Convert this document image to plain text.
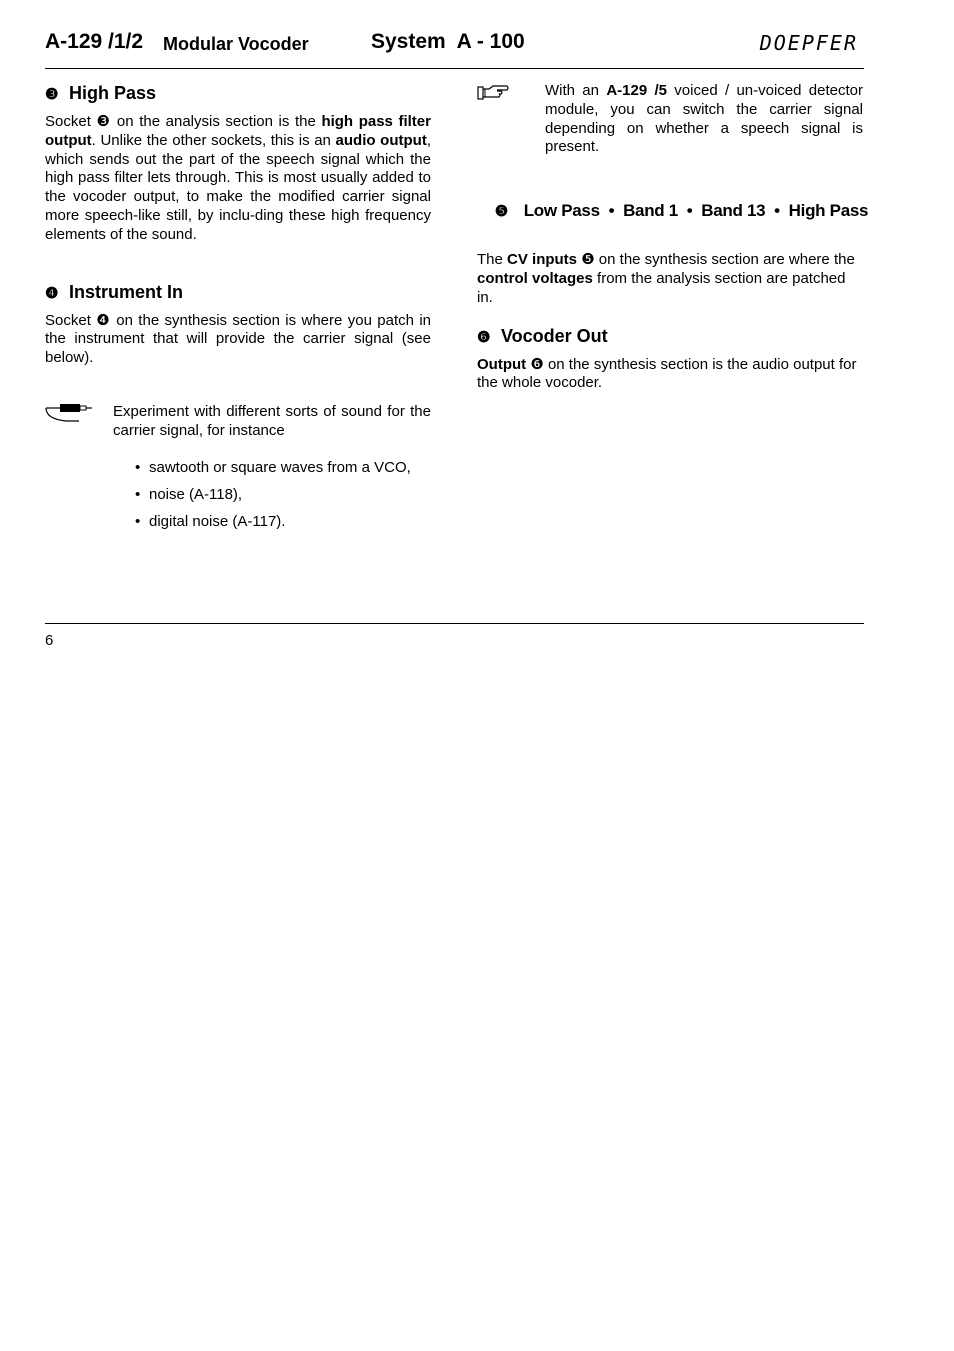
A-129 /1/2 Modular Vocoder	System  A - 100	DOEPFER
❸ High Pass

Socket ❸ on the analysis section is the high pass filter output. Unlike the other sockets, this is an audio output, which sends out the part of the speech signal which the high pass filter lets through. This is most usually added to the vocoder output, to make the modified carrier signal more speech-like still, by inclu-ding these high frequency elements of the sound.

❹ Instrument In

Socket ❹ on the synthesis section is where you patch in the instrument that will provide the carrier signal (see below).

Experiment with different sorts of sound for the carrier signal, for instance

• sawtooth or square waves from a VCO,
• noise (A-118),
• digital noise (A-117).

With an A-129 /5 voiced / un-voiced detector module, you can switch the carrier signal depending on whether a speech signal is present.

❺ Low Pass  •  Band 1  •  Band 13  •  High Pass

The CV inputs ❺ on the synthesis section are where the control voltages from the analysis section are patched in.

❻ Vocoder Out

Output ❻ on the synthesis section is the audio output for the whole vocoder.

6
